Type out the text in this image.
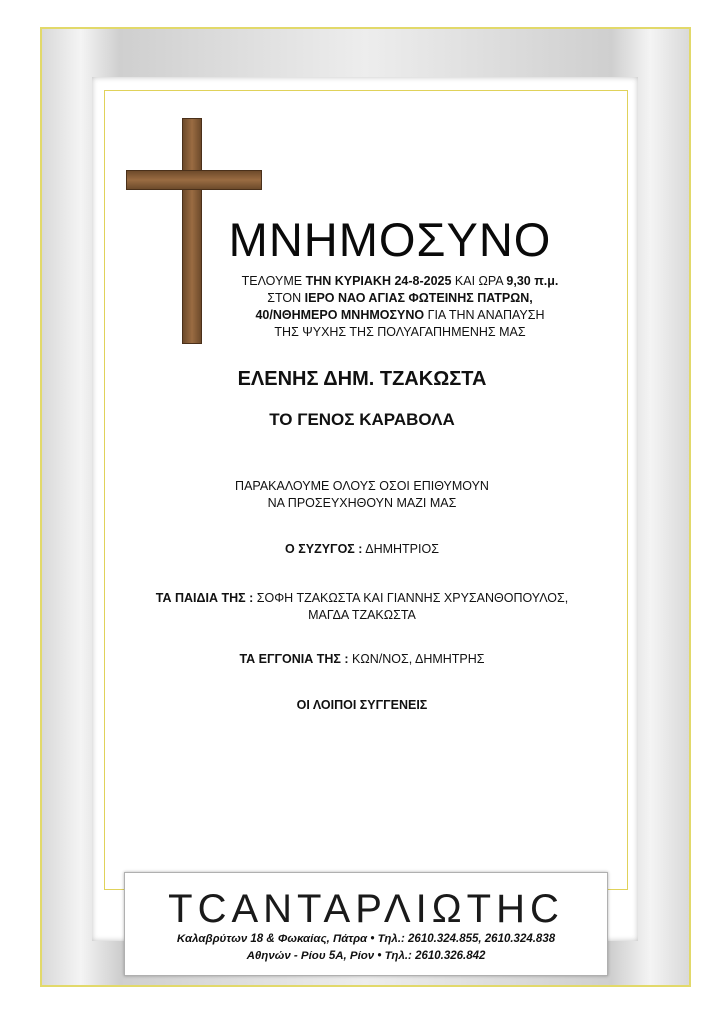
ΜΝΗΜΟΣΥΝΟ
ΤΕΛΟΥΜΕ ΤΗΝ ΚΥΡΙΑΚΗ 24-8-2025 ΚΑΙ ΩΡΑ 9,30 π.μ.
ΣΤΟΝ ΙΕΡΟ ΝΑΟ ΑΓΙΑΣ ΦΩΤΕΙΝΗΣ ΠΑΤΡΩΝ,
40/ΝΘΗΜΕΡΟ ΜΝΗΜΟΣΥΝΟ ΓΙΑ ΤΗΝ ΑΝΑΠΑΥΣΗ
ΤΗΣ ΨΥΧΗΣ ΤΗΣ ΠΟΛΥΑΓΑΠΗΜΕΝΗΣ ΜΑΣ
ΕΛΕΝΗΣ ΔΗΜ. ΤΖΑΚΩΣΤΑ
ΤΟ ΓΕΝΟΣ ΚΑΡΑΒΟΛΑ
ΠΑΡΑΚΑΛΟΥΜΕ ΟΛΟΥΣ ΟΣΟΙ ΕΠΙΘΥΜΟΥΝ
ΝΑ ΠΡΟΣΕΥΧΗΘΟΥΝ ΜΑΖΙ ΜΑΣ
Ο ΣΥΖΥΓΟΣ : ΔΗΜΗΤΡΙΟΣ
ΤΑ ΠΑΙΔΙΑ ΤΗΣ : ΣΟΦΗ ΤΖΑΚΩΣΤΑ ΚΑΙ ΓΙΑΝΝΗΣ ΧΡΥΣΑΝΘΟΠΟΥΛΟΣ,
ΜΑΓΔΑ ΤΖΑΚΩΣΤΑ
ΤΑ ΕΓΓΟΝΙΑ ΤΗΣ : ΚΩΝ/ΝΟΣ, ΔΗΜΗΤΡΗΣ
ΟΙ ΛΟΙΠΟΙ ΣΥΓΓΕΝΕΙΣ
ΤCΑΝΤΑΡΛΙΩΤΗC
Καλαβρύτων 18 & Φωκαίας, Πάτρα • Τηλ.: 2610.324.855, 2610.324.838
Αθηνών - Ρίου 5Α, Ρίον • Τηλ.: 2610.326.842
